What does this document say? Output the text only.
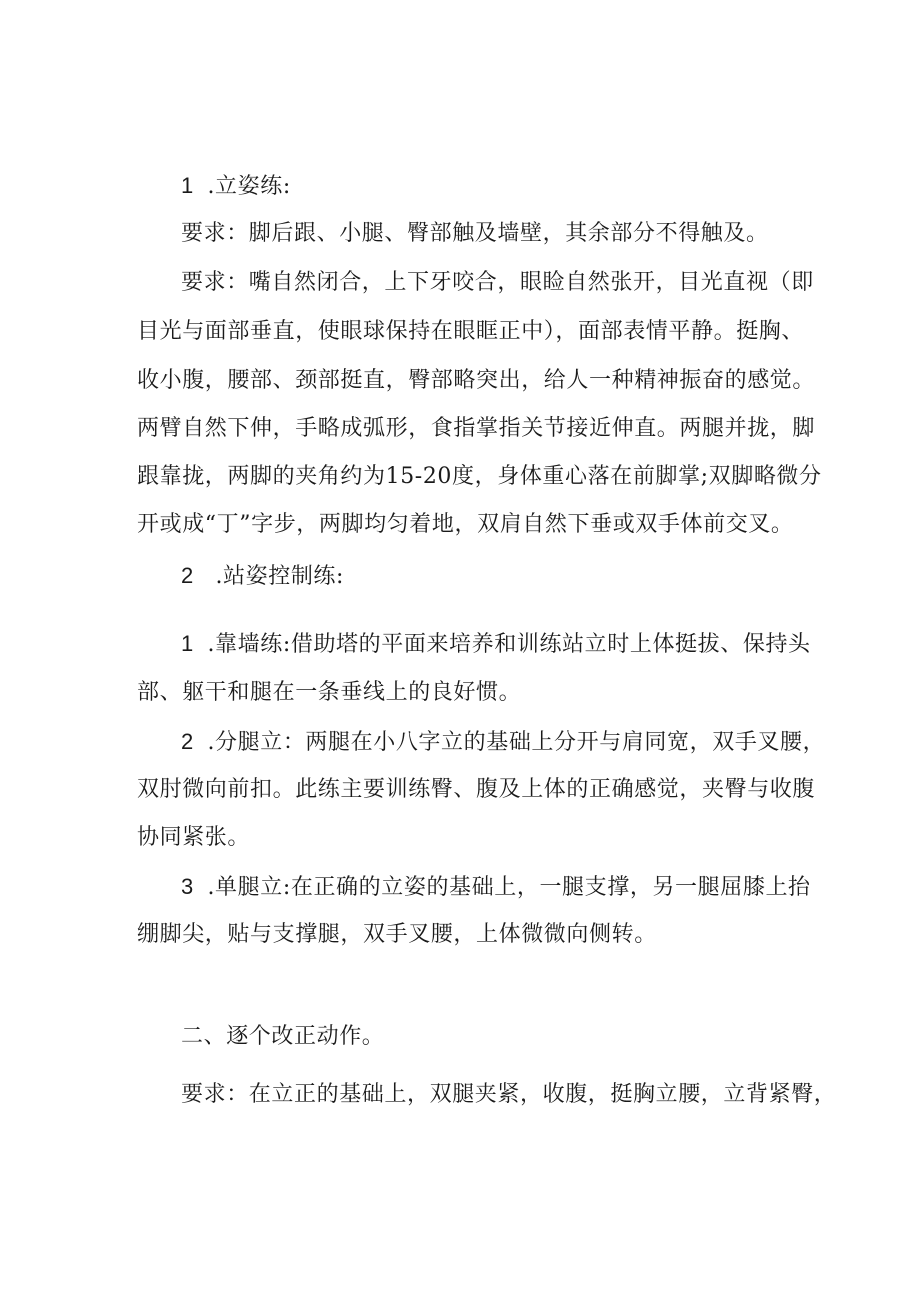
1 .立姿练:
要求：脚后跟、小腿、臀部触及墙壁，其余部分不得触及。
要求：嘴自然闭合，上下牙咬合，眼睑自然张开，目光直视（即
目光与面部垂直，使眼球保持在眼眶正中），面部表情平静。挺胸、
收小腹，腰部、颈部挺直，臀部略突出，给人一种精神振奋的感觉。
两臂自然下伸，手略成弧形，食指掌指关节接近伸直。两腿并拢，脚
跟靠拢，两脚的夹角约为15-20度，身体重心落在前脚掌;双脚略微分
开或成“丁”字步，两脚均匀着地，双肩自然下垂或双手体前交叉。
2 .站姿控制练:
1 .靠墙练:借助塔的平面来培养和训练站立时上体挺拔、保持头
部、躯干和腿在一条垂线上的良好惯。
2 .分腿立：两腿在小八字立的基础上分开与肩同宽，双手叉腰，
双肘微向前扣。此练主要训练臀、腹及上体的正确感觉，夹臀与收腹
协同紧张。
3 .单腿立:在正确的立姿的基础上，一腿支撑，另一腿屈膝上抬
绷脚尖，贴与支撑腿，双手叉腰，上体微微向侧转。
二、逐个改正动作。
要求：在立正的基础上，双腿夹紧，收腹，挺胸立腰，立背紧臀，
